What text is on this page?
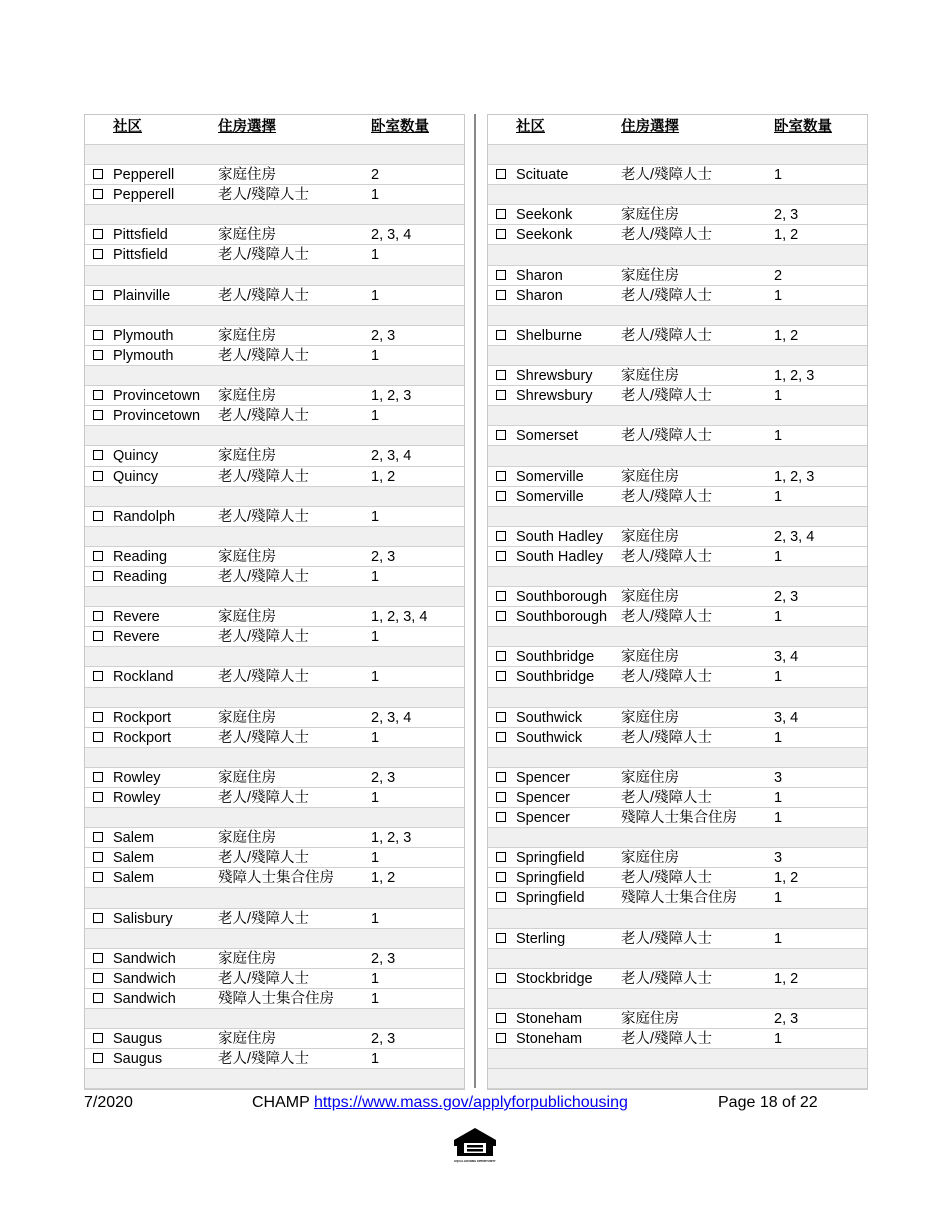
社区	住房選擇	卧室数量
Pepperell	家庭住房	2
Pepperell	老人/殘障人士	1
Pittsfield	家庭住房	2, 3, 4
Pittsfield	老人/殘障人士	1
Plainville	老人/殘障人士	1
Plymouth	家庭住房	2, 3
Plymouth	老人/殘障人士	1
Provincetown 家庭住房	1, 2, 3
Provincetown 老人/殘障人士	1
Quincy	家庭住房	2, 3, 4
Quincy	老人/殘障人士	1, 2
Randolph	老人/殘障人士	1
Reading	家庭住房	2, 3
Reading	老人/殘障人士	1
Revere	家庭住房	1, 2, 3, 4
Revere	老人/殘障人士	1
Rockland	老人/殘障人士	1
Rockport	家庭住房	2, 3, 4
Rockport	老人/殘障人士	1
Rowley	家庭住房	2, 3
Rowley	老人/殘障人士	1
Salem	家庭住房	1, 2, 3
Salem	老人/殘障人士	1
Salem	殘障人士集合住房	1, 2
Salisbury	老人/殘障人士	1
Sandwich	家庭住房	2, 3
Sandwich	老人/殘障人士	1
Sandwich	殘障人士集合住房	1
Saugus	家庭住房	2, 3
Saugus	老人/殘障人士	1
社区	住房選擇	卧室数量
Scituate	老人/殘障人士	1
Seekonk	家庭住房	2, 3
Seekonk	老人/殘障人士	1, 2
Sharon	家庭住房	2
Sharon	老人/殘障人士	1
Shelburne	老人/殘障人士	1, 2
Shrewsbury 家庭住房	1, 2, 3
Shrewsbury 老人/殘障人士	1
Somerset	老人/殘障人士	1
Somerville	家庭住房	1, 2, 3
Somerville	老人/殘障人士	1
South Hadley 家庭住房	2, 3, 4
South Hadley 老人/殘障人士	1
Southborough 家庭住房	2, 3
Southborough 老人/殘障人士	1
Southbridge 家庭住房	3, 4
Southbridge 老人/殘障人士	1
Southwick	家庭住房	3, 4
Southwick	老人/殘障人士	1
Spencer	家庭住房	3
Spencer	老人/殘障人士	1
Spencer	殘障人士集合住房	1
Springfield	家庭住房	3
Springfield	老人/殘障人士	1, 2
Springfield	殘障人士集合住房	1
Sterling	老人/殘障人士	1
Stockbridge 老人/殘障人士	1, 2
Stoneham	家庭住房	2, 3
Stoneham	老人/殘障人士	1
7/2020	CHAMP https://www.mass.gov/applyforpublichousing	Page 18 of 22
EQUAL HOUSING OPPORTUNITY
